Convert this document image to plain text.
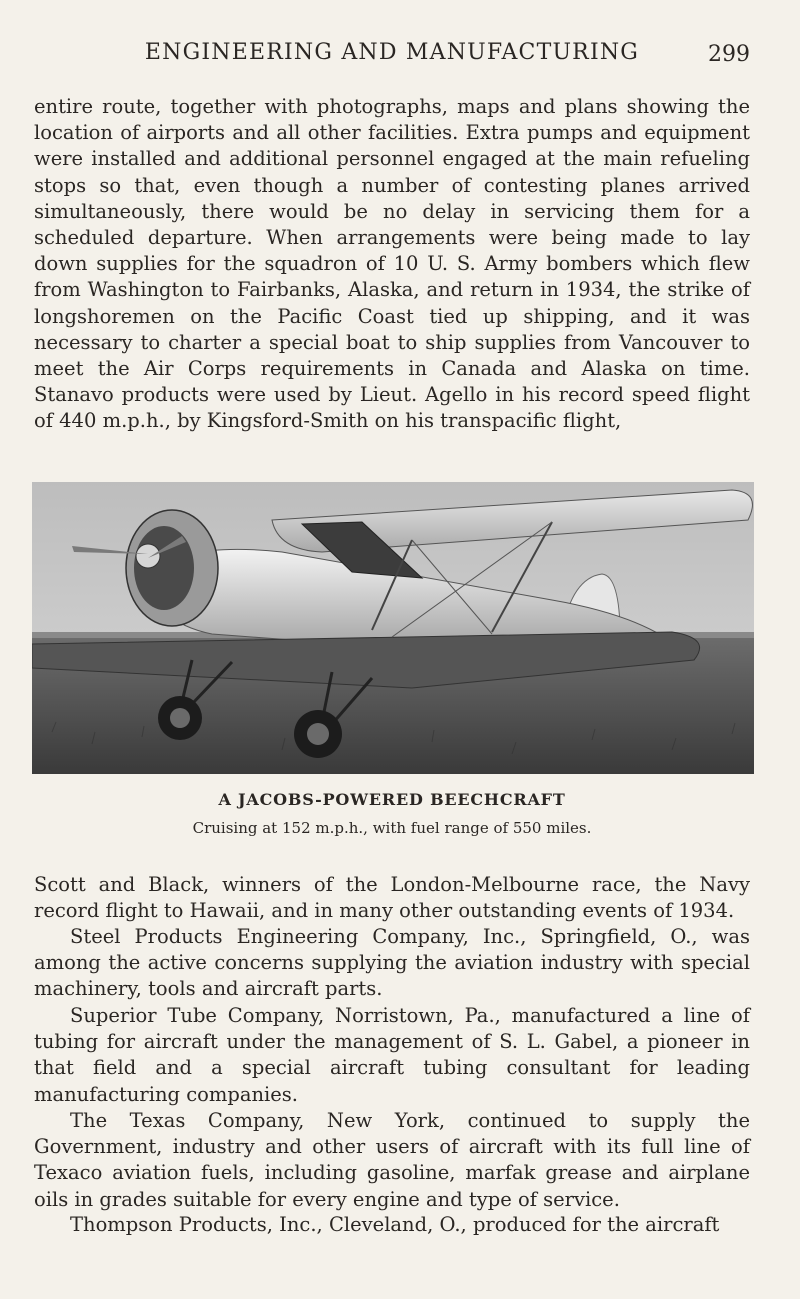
ENGINEERING AND MANUFACTURING	299

entire route, together with photographs, maps and plans showing the location of airports and all other facilities. Extra pumps and equipment were installed and additional personnel engaged at the main refueling stops so that, even though a number of contesting planes arrived simultaneously, there would be no delay in servicing them for a scheduled departure. When arrangements were being made to lay down supplies for the squadron of 10 U. S. Army bombers which flew from Washington to Fairbanks, Alaska, and return in 1934, the strike of longshoremen on the Pacific Coast tied up shipping, and it was necessary to charter a special boat to ship supplies from Vancouver to meet the Air Corps requirements in Canada and Alaska on time. Stanavo products were used by Lieut. Agello in his record speed flight of 440 m.p.h., by Kingsford-Smith on his transpacific flight,

A JACOBS-POWERED BEECHCRAFT
Cruising at 152 m.p.h., with fuel range of 550 miles.

Scott and Black, winners of the London-Melbourne race, the Navy record flight to Hawaii, and in many other outstanding events of 1934.

Steel Products Engineering Company, Inc., Springfield, O., was among the active concerns supplying the aviation industry with special machinery, tools and aircraft parts.

Superior Tube Company, Norristown, Pa., manufactured a line of tubing for aircraft under the management of S. L. Gabel, a pioneer in that field and a special aircraft tubing consultant for leading manufacturing companies.

The Texas Company, New York, continued to supply the Government, industry and other users of aircraft with its full line of Texaco aviation fuels, including gasoline, marfak grease and airplane oils in grades suitable for every engine and type of service.

Thompson Products, Inc., Cleveland, O., produced for the aircraft
